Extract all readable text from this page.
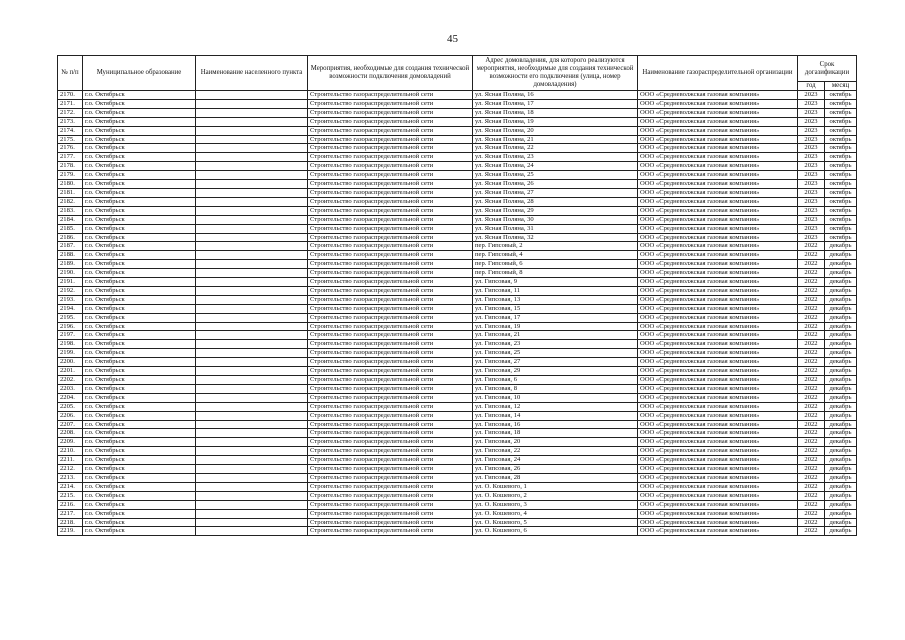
45
№ п/п	Муниципальное образование	Наименование населенного пункта	Мероприятия, необходимые для создания технической возможности подключения домовладений	Адрес домовладения, для которого реализуются мероприятия, необходимые для создания технической возможности его подключения (улица, номер домовладения)	Наименование газораспределительной организации	Срок догазификации	
						год	месяц
2170.	г.о. Октябрьск		Строительство газораспределительной сети	ул. Ясная Поляна, 16	ООО «Средневолжская газовая компания»	2023	октябрь
2171.	г.о. Октябрьск		Строительство газораспределительной сети	ул. Ясная Поляна, 17	ООО «Средневолжская газовая компания»	2023	октябрь
2172.	г.о. Октябрьск		Строительство газораспределительной сети	ул. Ясная Поляна, 18	ООО «Средневолжская газовая компания»	2023	октябрь
2173.	г.о. Октябрьск		Строительство газораспределительной сети	ул. Ясная Поляна, 19	ООО «Средневолжская газовая компания»	2023	октябрь
2174.	г.о. Октябрьск		Строительство газораспределительной сети	ул. Ясная Поляна, 20	ООО «Средневолжская газовая компания»	2023	октябрь
2175.	г.о. Октябрьск		Строительство газораспределительной сети	ул. Ясная Поляна, 21	ООО «Средневолжская газовая компания»	2023	октябрь
2176.	г.о. Октябрьск		Строительство газораспределительной сети	ул. Ясная Поляна, 22	ООО «Средневолжская газовая компания»	2023	октябрь
2177.	г.о. Октябрьск		Строительство газораспределительной сети	ул. Ясная Поляна, 23	ООО «Средневолжская газовая компания»	2023	октябрь
2178.	г.о. Октябрьск		Строительство газораспределительной сети	ул. Ясная Поляна, 24	ООО «Средневолжская газовая компания»	2023	октябрь
2179.	г.о. Октябрьск		Строительство газораспределительной сети	ул. Ясная Поляна, 25	ООО «Средневолжская газовая компания»	2023	октябрь
2180.	г.о. Октябрьск		Строительство газораспределительной сети	ул. Ясная Поляна, 26	ООО «Средневолжская газовая компания»	2023	октябрь
2181.	г.о. Октябрьск		Строительство газораспределительной сети	ул. Ясная Поляна, 27	ООО «Средневолжская газовая компания»	2023	октябрь
2182.	г.о. Октябрьск		Строительство газораспределительной сети	ул. Ясная Поляна, 28	ООО «Средневолжская газовая компания»	2023	октябрь
2183.	г.о. Октябрьск		Строительство газораспределительной сети	ул. Ясная Поляна, 29	ООО «Средневолжская газовая компания»	2023	октябрь
2184.	г.о. Октябрьск		Строительство газораспределительной сети	ул. Ясная Поляна, 30	ООО «Средневолжская газовая компания»	2023	октябрь
2185.	г.о. Октябрьск		Строительство газораспределительной сети	ул. Ясная Поляна, 31	ООО «Средневолжская газовая компания»	2023	октябрь
2186.	г.о. Октябрьск		Строительство газораспределительной сети	ул. Ясная Поляна, 32	ООО «Средневолжская газовая компания»	2023	октябрь
2187.	г.о. Октябрьск		Строительство газораспределительной сети	пер. Гипсовый, 2	ООО «Средневолжская газовая компания»	2022	декабрь
2188.	г.о. Октябрьск		Строительство газораспределительной сети	пер. Гипсовый, 4	ООО «Средневолжская газовая компания»	2022	декабрь
2189.	г.о. Октябрьск		Строительство газораспределительной сети	пер. Гипсовый, 6	ООО «Средневолжская газовая компания»	2022	декабрь
2190.	г.о. Октябрьск		Строительство газораспределительной сети	пер. Гипсовый, 8	ООО «Средневолжская газовая компания»	2022	декабрь
2191.	г.о. Октябрьск		Строительство газораспределительной сети	ул. Гипсовая, 9	ООО «Средневолжская газовая компания»	2022	декабрь
2192.	г.о. Октябрьск		Строительство газораспределительной сети	ул. Гипсовая, 11	ООО «Средневолжская газовая компания»	2022	декабрь
2193.	г.о. Октябрьск		Строительство газораспределительной сети	ул. Гипсовая, 13	ООО «Средневолжская газовая компания»	2022	декабрь
2194.	г.о. Октябрьск		Строительство газораспределительной сети	ул. Гипсовая, 15	ООО «Средневолжская газовая компания»	2022	декабрь
2195.	г.о. Октябрьск		Строительство газораспределительной сети	ул. Гипсовая, 17	ООО «Средневолжская газовая компания»	2022	декабрь
2196.	г.о. Октябрьск		Строительство газораспределительной сети	ул. Гипсовая, 19	ООО «Средневолжская газовая компания»	2022	декабрь
2197.	г.о. Октябрьск		Строительство газораспределительной сети	ул. Гипсовая, 21	ООО «Средневолжская газовая компания»	2022	декабрь
2198.	г.о. Октябрьск		Строительство газораспределительной сети	ул. Гипсовая, 23	ООО «Средневолжская газовая компания»	2022	декабрь
2199.	г.о. Октябрьск		Строительство газораспределительной сети	ул. Гипсовая, 25	ООО «Средневолжская газовая компания»	2022	декабрь
2200.	г.о. Октябрьск		Строительство газораспределительной сети	ул. Гипсовая, 27	ООО «Средневолжская газовая компания»	2022	декабрь
2201.	г.о. Октябрьск		Строительство газораспределительной сети	ул. Гипсовая, 29	ООО «Средневолжская газовая компания»	2022	декабрь
2202.	г.о. Октябрьск		Строительство газораспределительной сети	ул. Гипсовая, 6	ООО «Средневолжская газовая компания»	2022	декабрь
2203.	г.о. Октябрьск		Строительство газораспределительной сети	ул. Гипсовая, 8	ООО «Средневолжская газовая компания»	2022	декабрь
2204.	г.о. Октябрьск		Строительство газораспределительной сети	ул. Гипсовая, 10	ООО «Средневолжская газовая компания»	2022	декабрь
2205.	г.о. Октябрьск		Строительство газораспределительной сети	ул. Гипсовая, 12	ООО «Средневолжская газовая компания»	2022	декабрь
2206.	г.о. Октябрьск		Строительство газораспределительной сети	ул. Гипсовая, 14	ООО «Средневолжская газовая компания»	2022	декабрь
2207.	г.о. Октябрьск		Строительство газораспределительной сети	ул. Гипсовая, 16	ООО «Средневолжская газовая компания»	2022	декабрь
2208.	г.о. Октябрьск		Строительство газораспределительной сети	ул. Гипсовая, 18	ООО «Средневолжская газовая компания»	2022	декабрь
2209.	г.о. Октябрьск		Строительство газораспределительной сети	ул. Гипсовая, 20	ООО «Средневолжская газовая компания»	2022	декабрь
2210.	г.о. Октябрьск		Строительство газораспределительной сети	ул. Гипсовая, 22	ООО «Средневолжская газовая компания»	2022	декабрь
2211.	г.о. Октябрьск		Строительство газораспределительной сети	ул. Гипсовая, 24	ООО «Средневолжская газовая компания»	2022	декабрь
2212.	г.о. Октябрьск		Строительство газораспределительной сети	ул. Гипсовая, 26	ООО «Средневолжская газовая компания»	2022	декабрь
2213.	г.о. Октябрьск		Строительство газораспределительной сети	ул. Гипсовая, 28	ООО «Средневолжская газовая компания»	2022	декабрь
2214.	г.о. Октябрьск		Строительство газораспределительной сети	ул. О. Кошевого, 1	ООО «Средневолжская газовая компания»	2022	декабрь
2215.	г.о. Октябрьск		Строительство газораспределительной сети	ул. О. Кошевого, 2	ООО «Средневолжская газовая компания»	2022	декабрь
2216.	г.о. Октябрьск		Строительство газораспределительной сети	ул. О. Кошевого, 3	ООО «Средневолжская газовая компания»	2022	декабрь
2217.	г.о. Октябрьск		Строительство газораспределительной сети	ул. О. Кошевого, 4	ООО «Средневолжская газовая компания»	2022	декабрь
2218.	г.о. Октябрьск		Строительство газораспределительной сети	ул. О. Кошевого, 5	ООО «Средневолжская газовая компания»	2022	декабрь
2219.	г.о. Октябрьск		Строительство газораспределительной сети	ул. О. Кошевого, 6	ООО «Средневолжская газовая компания»	2022	декабрь
